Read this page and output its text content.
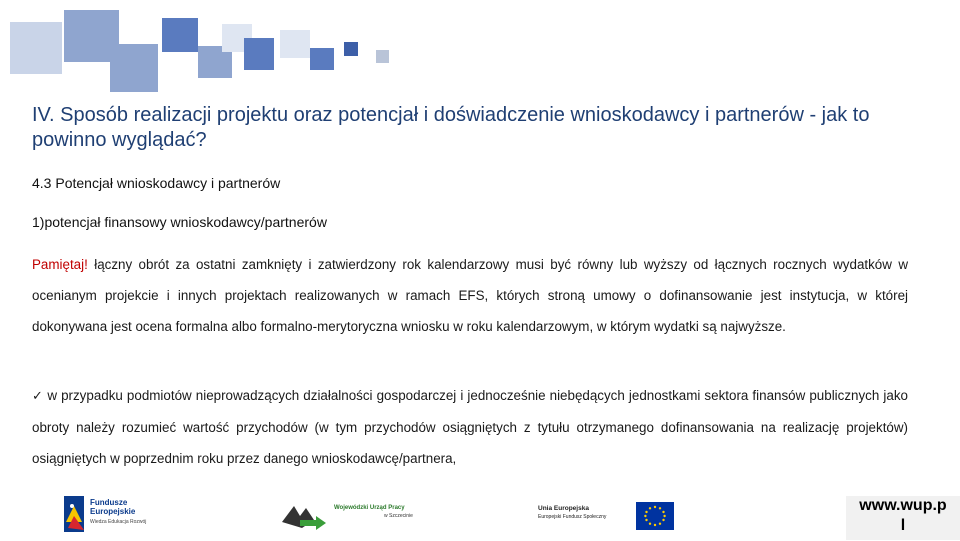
IV. Sposób realizacji projektu oraz potencjał i doświadczenie wnioskodawcy i partnerów - jak to powinno wyglądać?
4.3 Potencjał wnioskodawcy i partnerów
1)potencjał finansowy wnioskodawcy/partnerów
Pamiętaj! łączny obrót za ostatni zamknięty i zatwierdzony rok kalendarzowy musi być równy lub wyższy od łącznych rocznych wydatków w ocenianym projekcie i innych projektach realizowanych w ramach EFS, których stroną umowy o dofinansowanie jest instytucja, w której dokonywana jest ocena formalna albo formalno-merytoryczna wniosku w roku kalendarzowym, w którym wydatki są najwyższe.
✓ w przypadku podmiotów nieprowadzących działalności gospodarczej i jednocześnie niebędących jednostkami sektora finansów publicznych jako obroty należy rozumieć wartość przychodów (w tym przychodów osiągniętych z tytułu otrzymanego dofinansowania na realizację projektów) osiągniętych w poprzednim roku przez danego wnioskodawcę/partnera,
Fundusze
Europejskie
Wiedza Edukacja Rozwój
Wojewódzki Urząd Pracy
w Szczecinie
Unia Europejska
Europejski Fundusz Społeczny
www.wup.p
l
